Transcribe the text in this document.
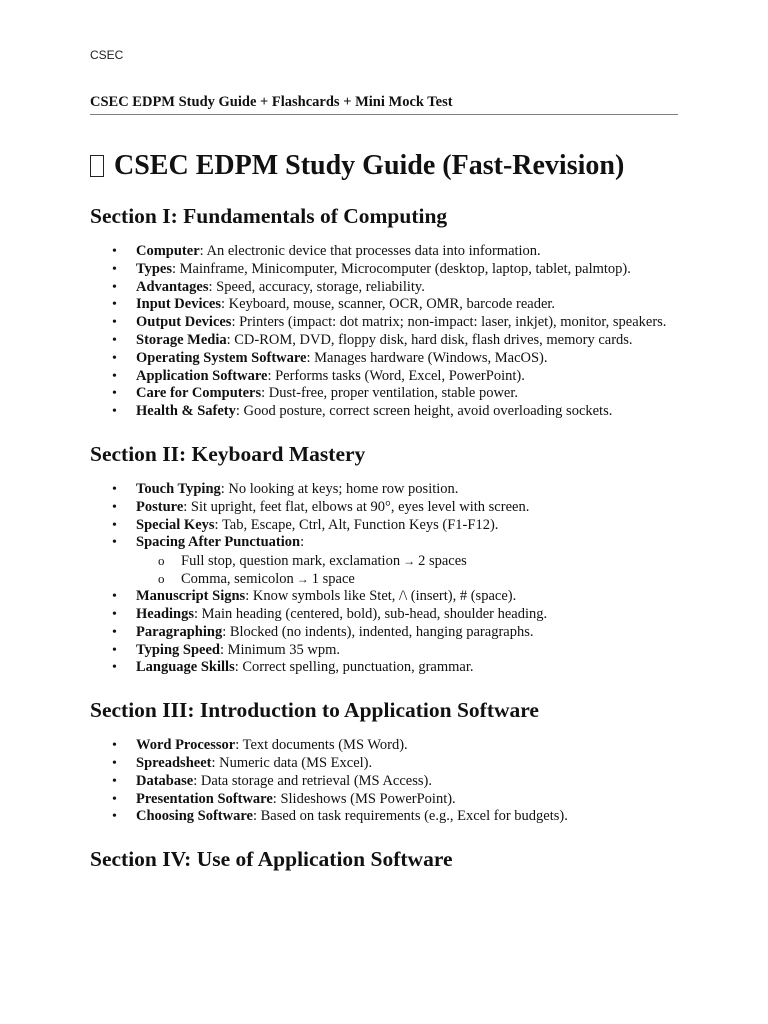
CSEC
CSEC EDPM Study Guide + Flashcards + Mini Mock Test
CSEC EDPM Study Guide (Fast-Revision)
Section I: Fundamentals of Computing
• Computer: An electronic device that processes data into information.
• Types: Mainframe, Minicomputer, Microcomputer (desktop, laptop, tablet, palmtop).
• Advantages: Speed, accuracy, storage, reliability.
• Input Devices: Keyboard, mouse, scanner, OCR, OMR, barcode reader.
• Output Devices: Printers (impact: dot matrix; non-impact: laser, inkjet), monitor, speakers.
• Storage Media: CD-ROM, DVD, floppy disk, hard disk, flash drives, memory cards.
• Operating System Software: Manages hardware (Windows, MacOS).
• Application Software: Performs tasks (Word, Excel, PowerPoint).
• Care for Computers: Dust-free, proper ventilation, stable power.
• Health & Safety: Good posture, correct screen height, avoid overloading sockets.
Section II: Keyboard Mastery
• Touch Typing: No looking at keys; home row position.
• Posture: Sit upright, feet flat, elbows at 90°, eyes level with screen.
• Special Keys: Tab, Escape, Ctrl, Alt, Function Keys (F1-F12).
• Spacing After Punctuation:
o Full stop, question mark, exclamation → 2 spaces
o Comma, semicolon → 1 space
• Manuscript Signs: Know symbols like Stet, /\ (insert), # (space).
• Headings: Main heading (centered, bold), sub-head, shoulder heading.
• Paragraphing: Blocked (no indents), indented, hanging paragraphs.
• Typing Speed: Minimum 35 wpm.
• Language Skills: Correct spelling, punctuation, grammar.
Section III: Introduction to Application Software
• Word Processor: Text documents (MS Word).
• Spreadsheet: Numeric data (MS Excel).
• Database: Data storage and retrieval (MS Access).
• Presentation Software: Slideshows (MS PowerPoint).
• Choosing Software: Based on task requirements (e.g., Excel for budgets).
Section IV: Use of Application Software
